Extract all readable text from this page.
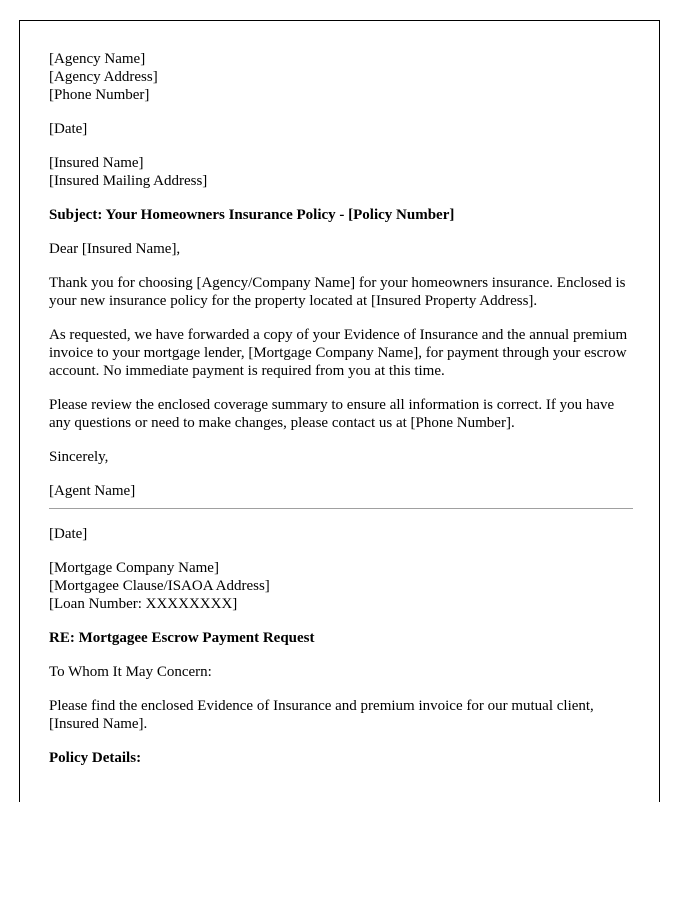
[Agency Name]
[Agency Address]
[Phone Number]

[Date]

[Insured Name]
[Insured Mailing Address]

Subject: Your Homeowners Insurance Policy - [Policy Number]

Dear [Insured Name],

Thank you for choosing [Agency/Company Name] for your homeowners insurance. Enclosed is your new insurance policy for the property located at [Insured Property Address].

As requested, we have forwarded a copy of your Evidence of Insurance and the annual premium invoice to your mortgage lender, [Mortgage Company Name], for payment through your escrow account. No immediate payment is required from you at this time.

Please review the enclosed coverage summary to ensure all information is correct. If you have any questions or need to make changes, please contact us at [Phone Number].

Sincerely,

[Agent Name]

[Date]

[Mortgage Company Name]
[Mortgagee Clause/ISAOA Address]
[Loan Number: XXXXXXXX]

RE: Mortgagee Escrow Payment Request

To Whom It May Concern:

Please find the enclosed Evidence of Insurance and premium invoice for our mutual client, [Insured Name].

Policy Details:
